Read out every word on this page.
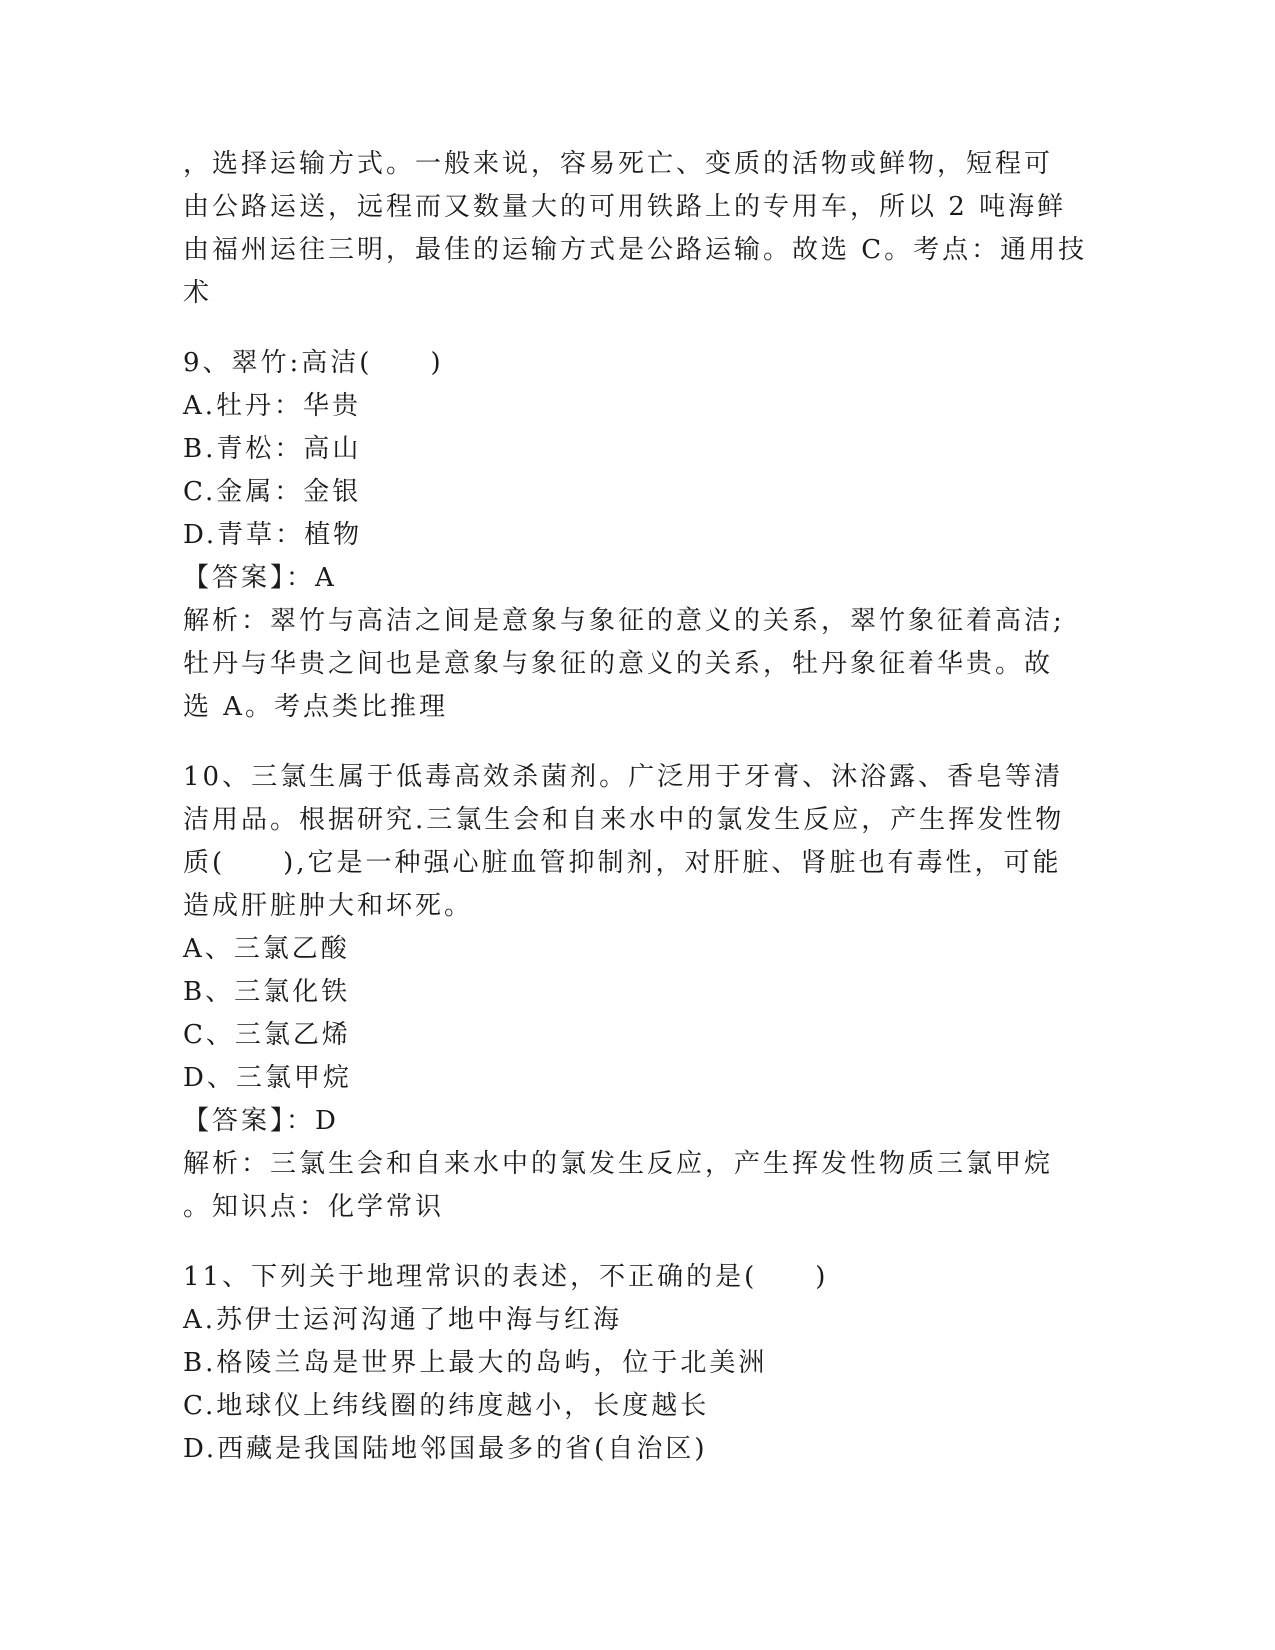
，选择运输方式。一般来说，容易死亡、变质的活物或鲜物，短程可
由公路运送，远程而又数量大的可用铁路上的专用车，所以 2 吨海鲜
由福州运往三明，最佳的运输方式是公路运输。故选 C。考点：通用技
术
9、翠竹:高洁(　　)
A.牡丹：华贵
B.青松：高山
C.金属：金银
D.青草：植物
【答案】：A
解析：翠竹与高洁之间是意象与象征的意义的关系，翠竹象征着高洁;
牡丹与华贵之间也是意象与象征的意义的关系，牡丹象征着华贵。故
选 A。考点类比推理
10、三氯生属于低毒高效杀菌剂。广泛用于牙膏、沐浴露、香皂等清
洁用品。根据研究.三氯生会和自来水中的氯发生反应，产生挥发性物
质(　　),它是一种强心脏血管抑制剂，对肝脏、肾脏也有毒性，可能
造成肝脏肿大和坏死。
A、三氯乙酸
B、三氯化铁
C、三氯乙烯
D、三氯甲烷
【答案】：D
解析：三氯生会和自来水中的氯发生反应，产生挥发性物质三氯甲烷
。知识点：化学常识
11、下列关于地理常识的表述，不正确的是(　　)
A.苏伊士运河沟通了地中海与红海
B.格陵兰岛是世界上最大的岛屿，位于北美洲
C.地球仪上纬线圈的纬度越小，长度越长
D.西藏是我国陆地邻国最多的省(自治区)
